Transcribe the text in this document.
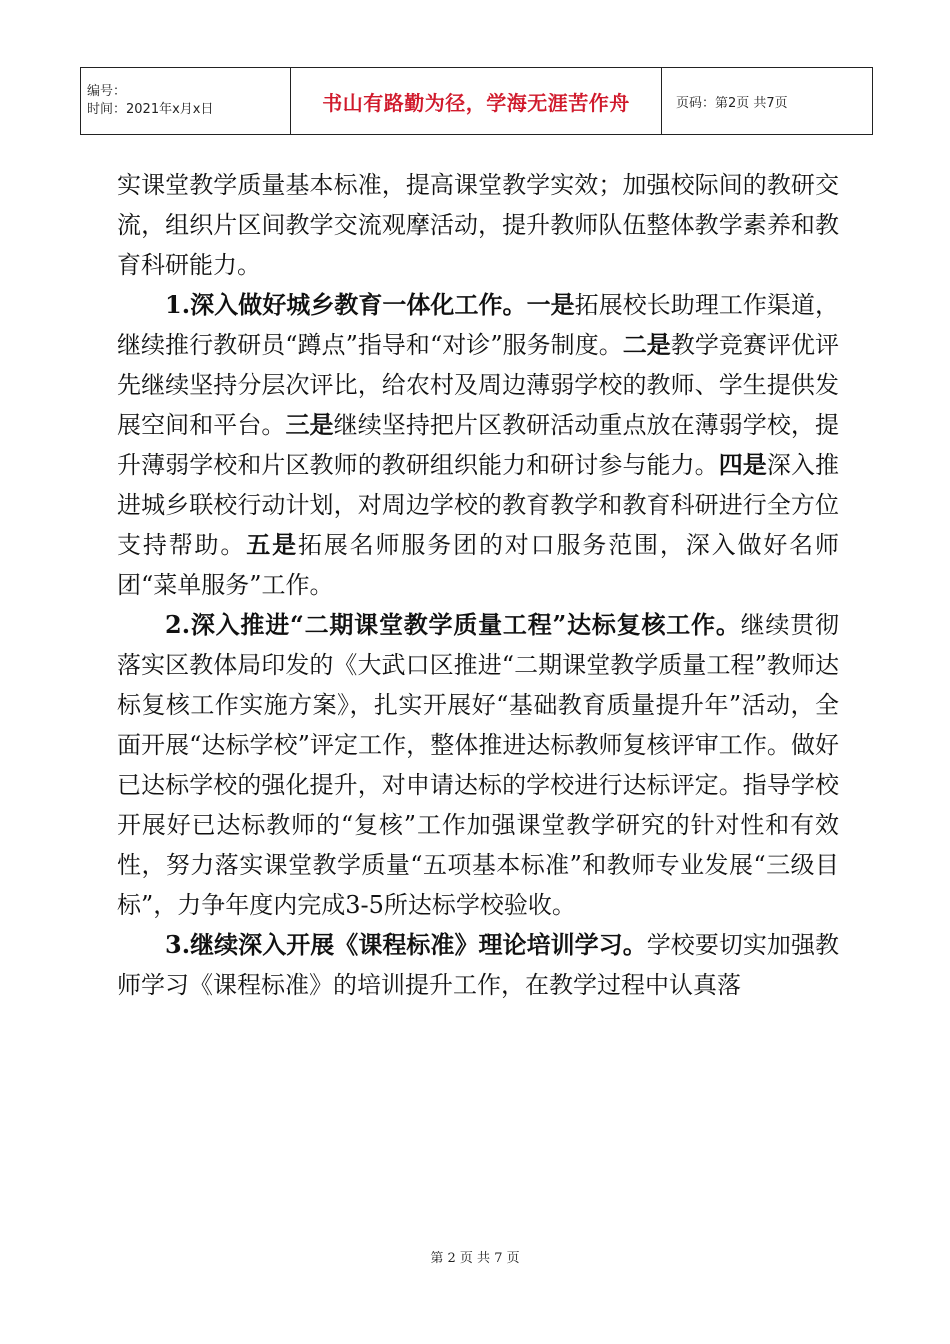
编号：
时间：2021年x月x日	书山有路勤为径，学海无涯苦作舟	页码：第2页 共7页

实课堂教学质量基本标准，提高课堂教学实效；加强校际间的教研交流，组织片区间教学交流观摩活动，提升教师队伍整体教学素养和教育科研能力。

1.深入做好城乡教育一体化工作。一是拓展校长助理工作渠道，继续推行教研员“蹲点”指导和“对诊”服务制度。二是教学竞赛评优评先继续坚持分层次评比，给农村及周边薄弱学校的教师、学生提供发展空间和平台。三是继续坚持把片区教研活动重点放在薄弱学校，提升薄弱学校和片区教师的教研组织能力和研讨参与能力。四是深入推进城乡联校行动计划，对周边学校的教育教学和教育科研进行全方位支持帮助。五是拓展名师服务团的对口服务范围，深入做好名师团“菜单服务”工作。

2.深入推进“二期课堂教学质量工程”达标复核工作。继续贯彻落实区教体局印发的《大武口区推进“二期课堂教学质量工程”教师达标复核工作实施方案》，扎实开展好“基础教育质量提升年”活动，全面开展“达标学校”评定工作，整体推进达标教师复核评审工作。做好已达标学校的强化提升，对申请达标的学校进行达标评定。指导学校开展好已达标教师的“复核”工作加强课堂教学研究的针对性和有效性，努力落实课堂教学质量“五项基本标准”和教师专业发展“三级目标”，力争年度内完成3-5所达标学校验收。

3.继续深入开展《课程标准》理论培训学习。学校要切实加强教师学习《课程标准》的培训提升工作，在教学过程中认真落

第 2 页 共 7 页
